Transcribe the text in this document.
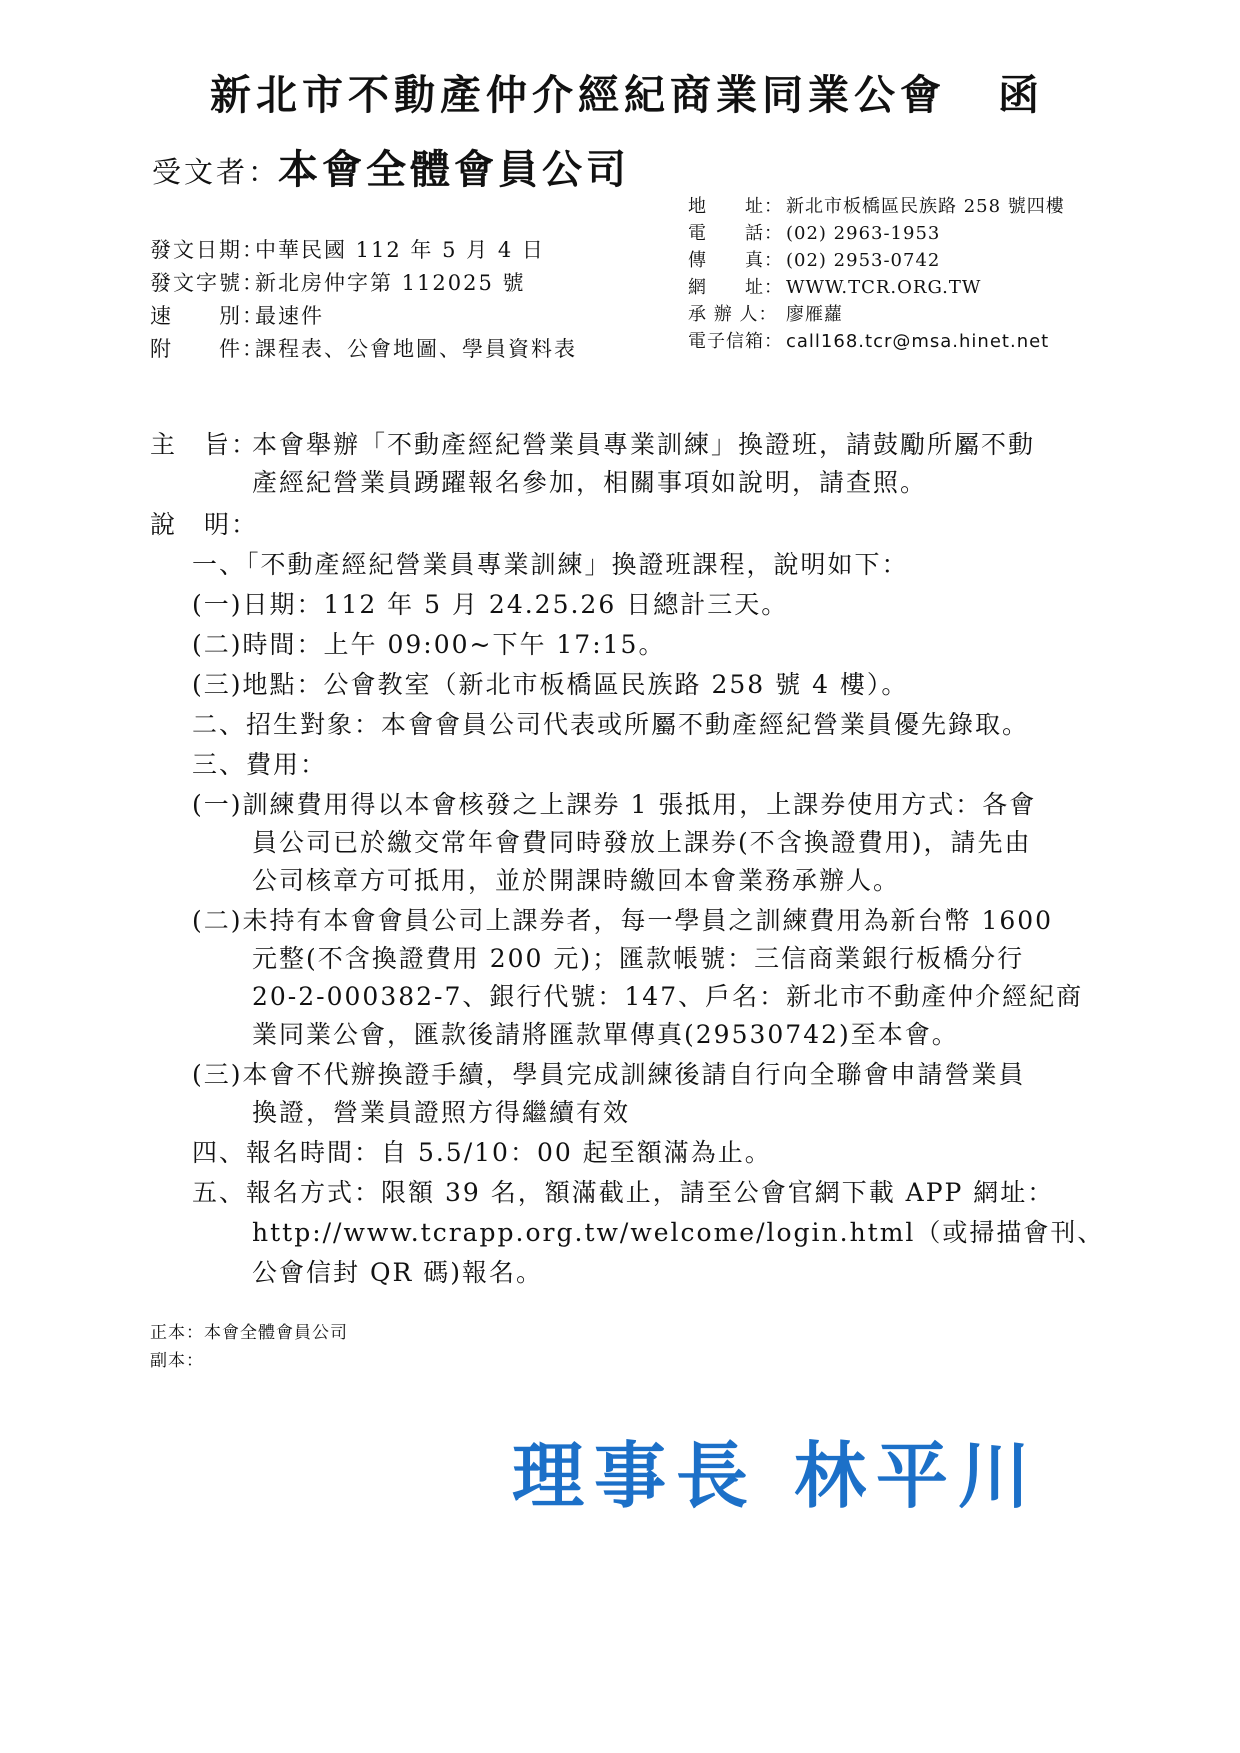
新北市不動產仲介經紀商業同業公會 函
受文者：
本會全體會員公司
地　　址： 新北市板橋區民族路 258 號四樓
電　　話： (02) 2963-1953
傳　　真： (02) 2953-0742
網　　址： WWW.TCR.ORG.TW
承 辦 人： 廖雁蘿
電子信箱： call168.tcr@msa.hinet.net
發文日期：中華民國 112 年 5 月 4 日
發文字號：新北房仲字第 112025 號
速　　別：最速件
附　　件：課程表、公會地圖、學員資料表
主　旨：
本會舉辦「不動產經紀營業員專業訓練」換證班，請鼓勵所屬不動
產經紀營業員踴躍報名參加，相關事項如說明，請查照。
說　明：
一、「不動產經紀營業員專業訓練」換證班課程，說明如下：
(一)日期：112 年 5 月 24.25.26 日總計三天。
(二)時間：上午 09:00~下午 17:15。
(三)地點：公會教室（新北市板橋區民族路 258 號 4 樓）。
二、招生對象：本會會員公司代表或所屬不動產經紀營業員優先錄取。
三、費用：
(一)訓練費用得以本會核發之上課券 1 張抵用，上課券使用方式：各會
員公司已於繳交常年會費同時發放上課券(不含換證費用)，請先由
公司核章方可抵用，並於開課時繳回本會業務承辦人。
(二)未持有本會會員公司上課券者，每一學員之訓練費用為新台幣 1600
元整(不含換證費用 200 元)；匯款帳號：三信商業銀行板橋分行
20-2-000382-7、銀行代號：147、戶名：新北市不動產仲介經紀商
業同業公會，匯款後請將匯款單傳真(29530742)至本會。
(三)本會不代辦換證手續，學員完成訓練後請自行向全聯會申請營業員
換證，營業員證照方得繼續有效
四、報名時間：自 5.5/10：00 起至額滿為止。
五、報名方式：限額 39 名，額滿截止，請至公會官網下載 APP 網址：
http://www.tcrapp.org.tw/welcome/login.html（或掃描會刊、
公會信封 QR 碼)報名。
正本：本會全體會員公司
副本：
理事長 林平川
